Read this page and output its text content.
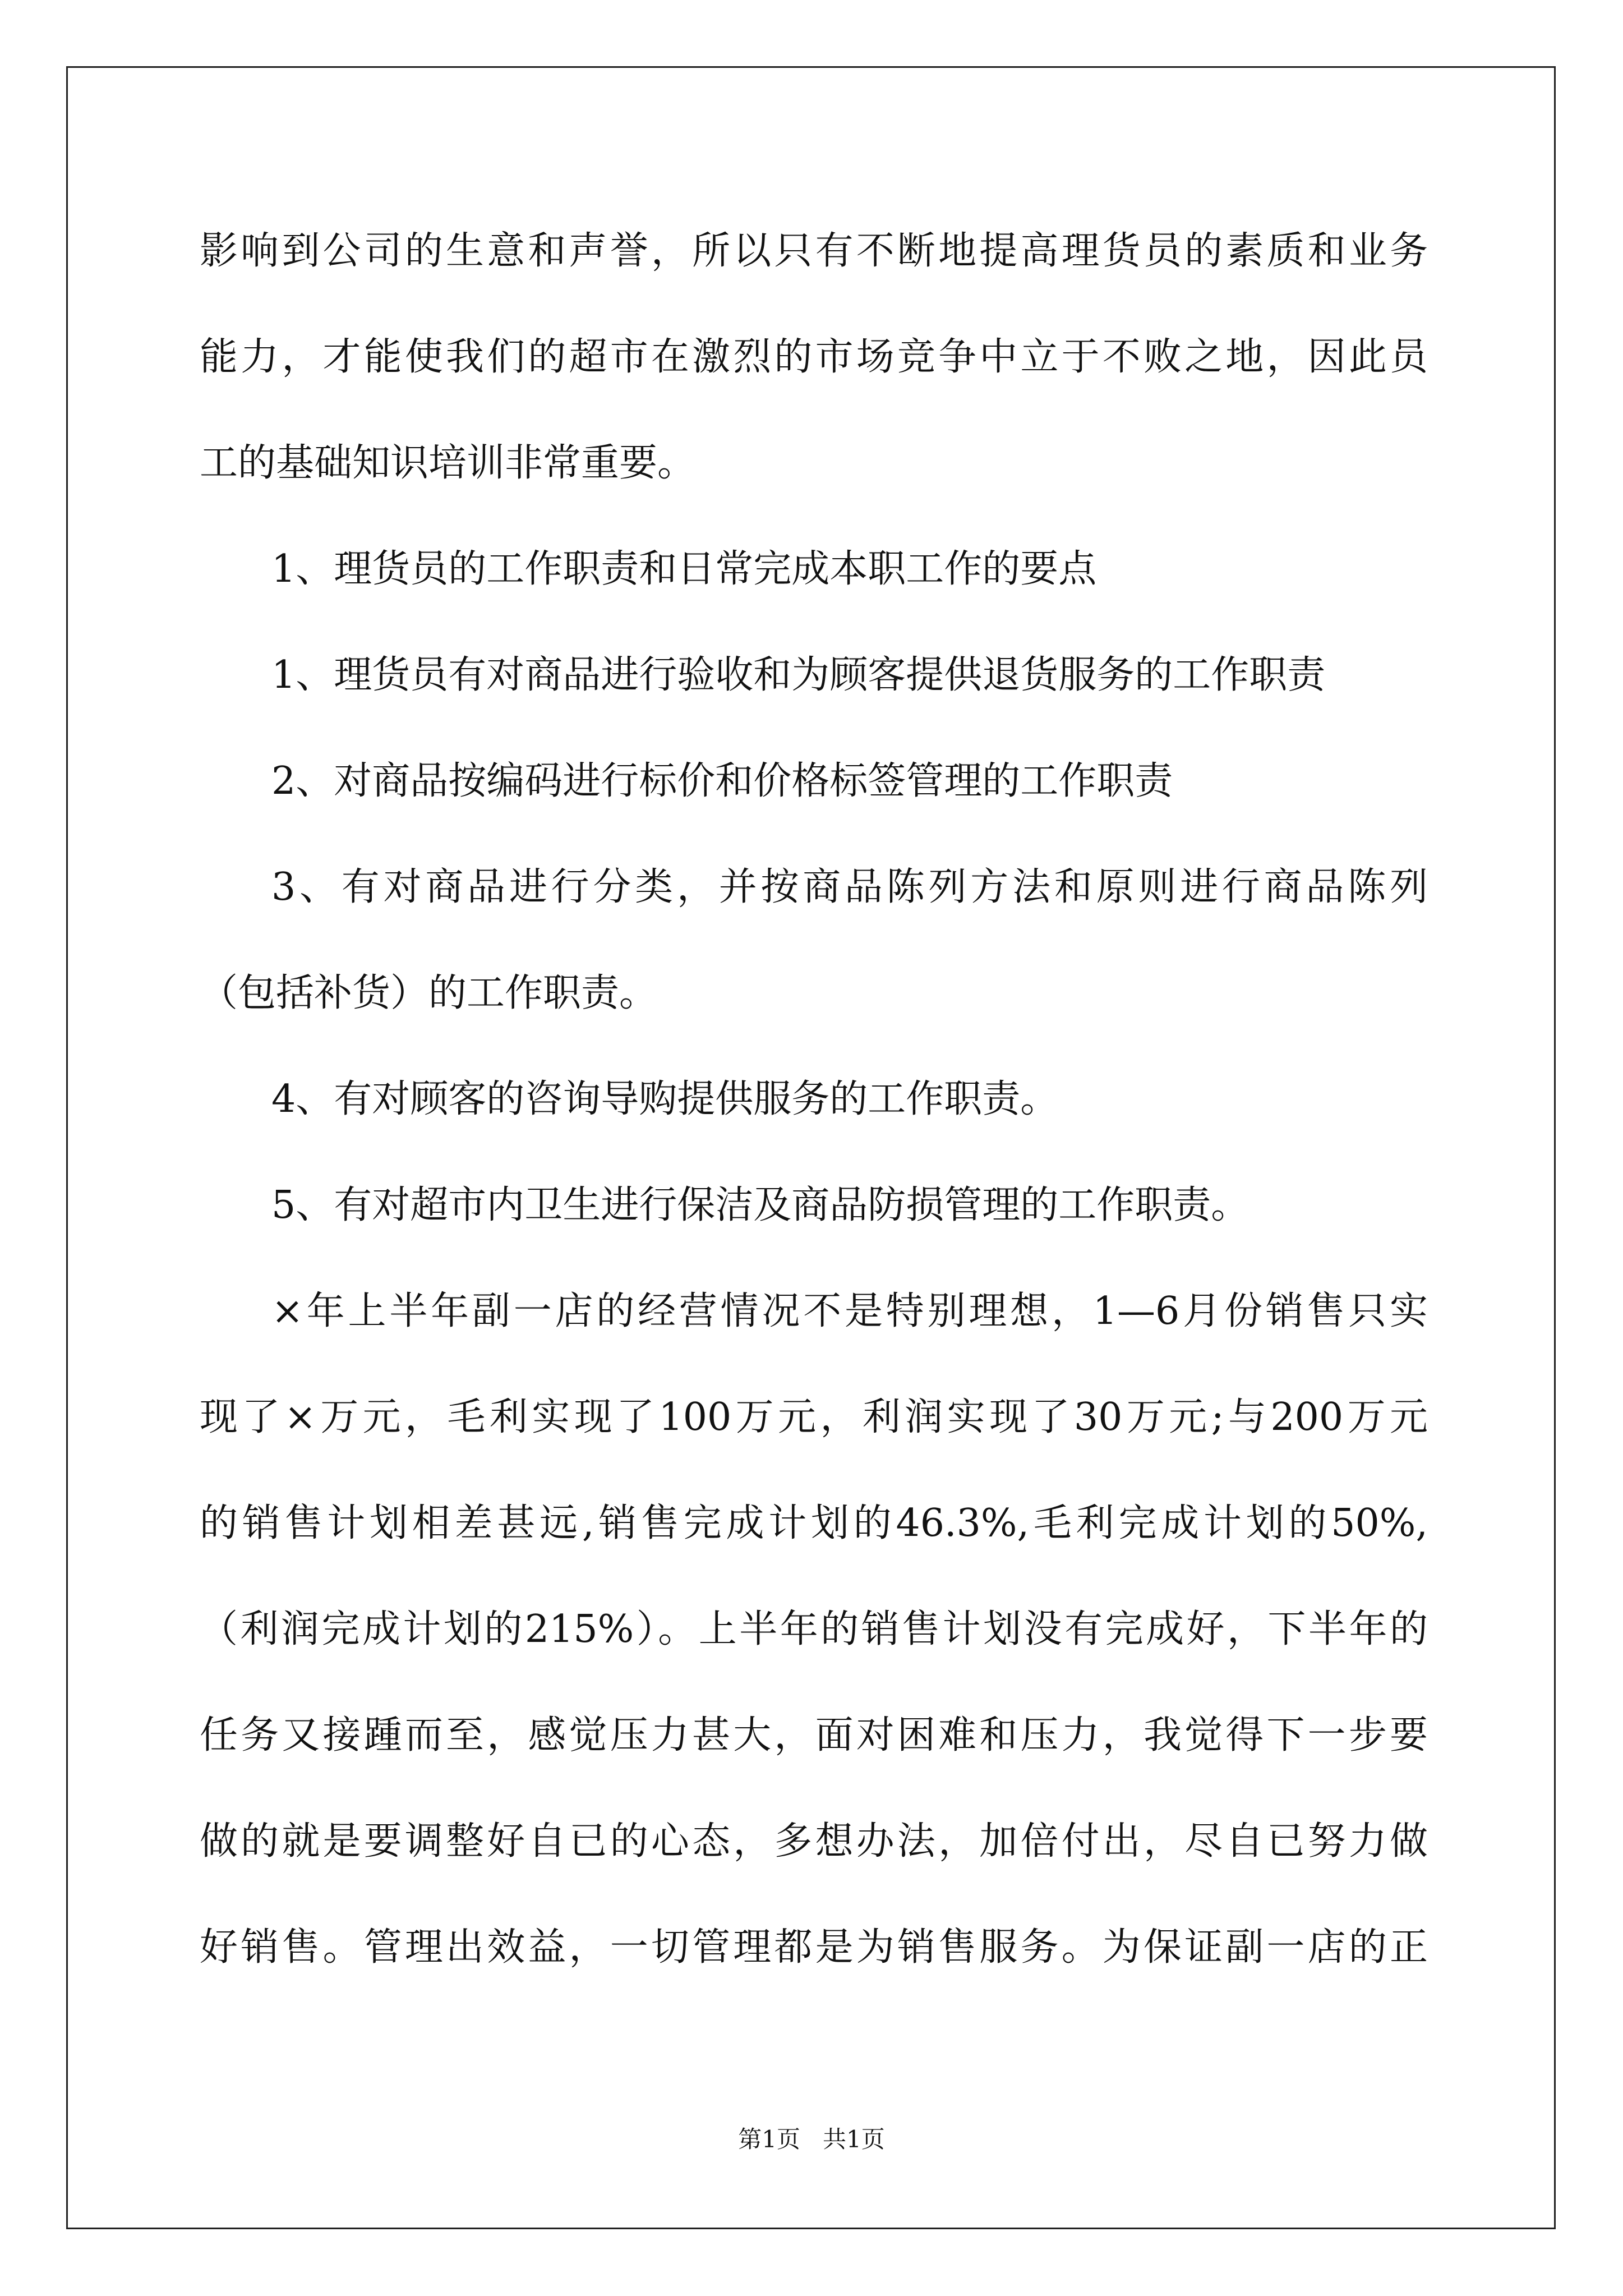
影响到公司的生意和声誉，所以只有不断地提高理货员的素质和业务
能力，才能使我们的超市在激烈的市场竞争中立于不败之地，因此员
工的基础知识培训非常重要。
1、理货员的工作职责和日常完成本职工作的要点
1、理货员有对商品进行验收和为顾客提供退货服务的工作职责
2、对商品按编码进行标价和价格标签管理的工作职责
3、有对商品进行分类，并按商品陈列方法和原则进行商品陈列
（包括补货）的工作职责。
4、有对顾客的咨询导购提供服务的工作职责。
5、有对超市内卫生进行保洁及商品防损管理的工作职责。
×年上半年副一店的经营情况不是特别理想，1—6月份销售只实
现了×万元，毛利实现了100万元，利润实现了30万元;与200万元
的销售计划相差甚远,销售完成计划的46.3%,毛利完成计划的50%,
（利润完成计划的215%）。上半年的销售计划没有完成好，下半年的
任务又接踵而至，感觉压力甚大，面对困难和压力，我觉得下一步要
做的就是要调整好自已的心态，多想办法，加倍付出，尽自已努力做
好销售。管理出效益，一切管理都是为销售服务。为保证副一店的正
第1页 共1页
